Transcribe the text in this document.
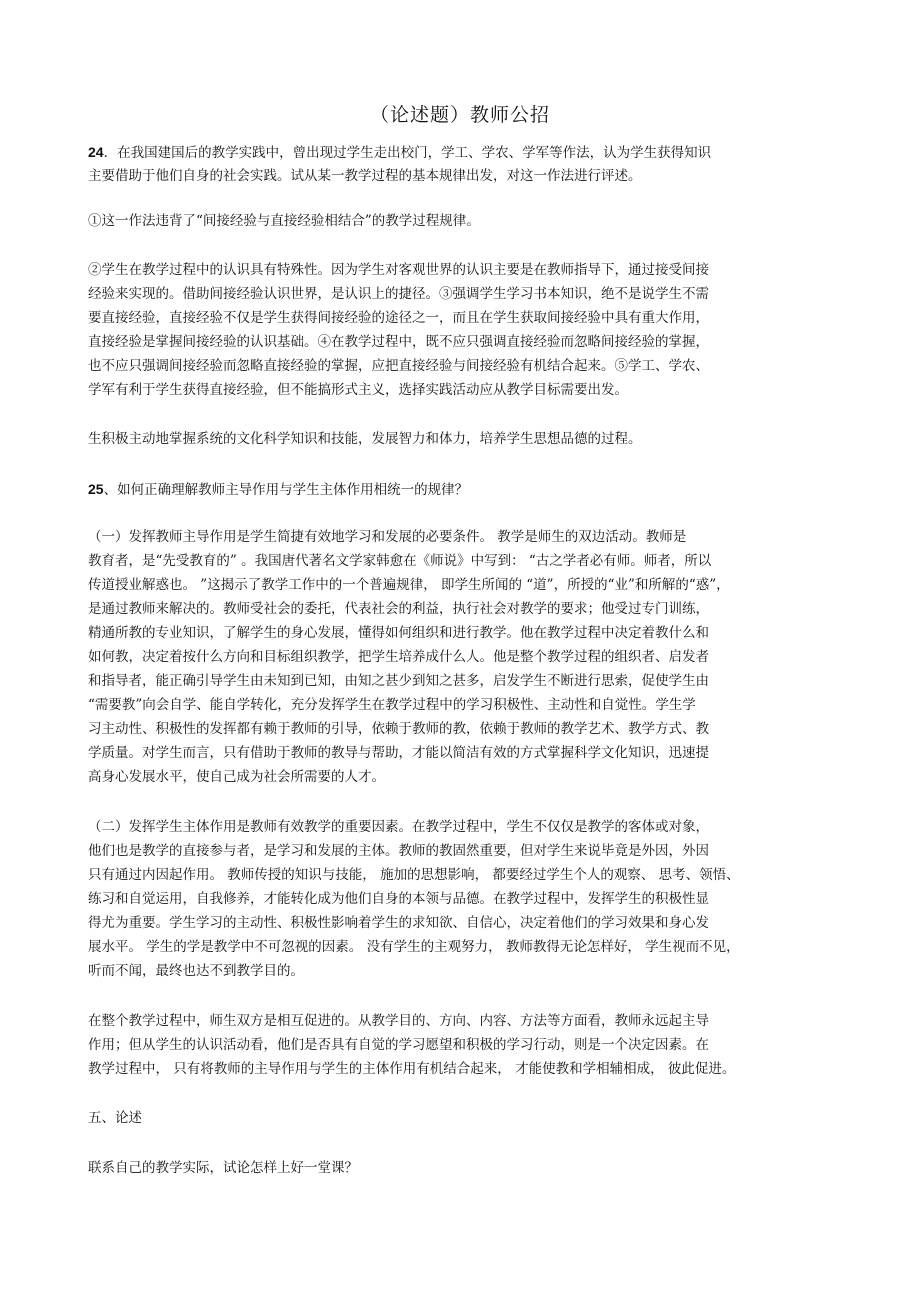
（论述题）教师公招
24．在我国建国后的教学实践中，曾出现过学生走出校门，学工、学农、学军等作法，认为学生获得知识
主要借助于他们自身的社会实践。试从某一教学过程的基本规律出发，对这一作法进行评述。
①这一作法违背了“间接经验与直接经验相结合”的教学过程规律。
②学生在教学过程中的认识具有特殊性。因为学生对客观世界的认识主要是在教师指导下，通过接受间接
经验来实现的。借助间接经验认识世界，是认识上的捷径。③强调学生学习书本知识，绝不是说学生不需
要直接经验，直接经验不仅是学生获得间接经验的途径之一，而且在学生获取间接经验中具有重大作用，
直接经验是掌握间接经验的认识基础。④在教学过程中，既不应只强调直接经验而忽略间接经验的掌握，
也不应只强调间接经验而忽略直接经验的掌握，应把直接经验与间接经验有机结合起来。⑤学工、学农、
学军有利于学生获得直接经验，但不能搞形式主义，选择实践活动应从教学目标需要出发。
生积极主动地掌握系统的文化科学知识和技能，发展智力和体力，培养学生思想品德的过程。
25、如何正确理解教师主导作用与学生主体作用相统一的规律？
（一）发挥教师主导作用是学生简捷有效地学习和发展的必要条件。 教学是师生的双边活动。教师是
教育者，是“先受教育的” 。我国唐代著名文学家韩愈在《师说》中写到： “古之学者必有师。师者，所以
传道授业解惑也。 ”这揭示了教学工作中的一个普遍规律， 即学生所闻的 “道”，所授的“业”和所解的“惑”，
是通过教师来解决的。教师受社会的委托，代表社会的利益，执行社会对教学的要求；他受过专门训练，
精通所教的专业知识，了解学生的身心发展，懂得如何组织和进行教学。他在教学过程中决定着教什么和
如何教，决定着按什么方向和目标组织教学，把学生培养成什么人。他是整个教学过程的组织者、启发者
和指导者，能正确引导学生由未知到已知，由知之甚少到知之甚多，启发学生不断进行思索，促使学生由
“需要教”向会自学、能自学转化，充分发挥学生在教学过程中的学习积极性、主动性和自觉性。学生学
习主动性、积极性的发挥都有赖于教师的引导，依赖于教师的教，依赖于教师的教学艺术、教学方式、教
学质量。对学生而言，只有借助于教师的教导与帮助，才能以简洁有效的方式掌握科学文化知识，迅速提
高身心发展水平，使自己成为社会所需要的人才。
（二）发挥学生主体作用是教师有效教学的重要因素。在教学过程中，学生不仅仅是教学的客体或对象，
他们也是教学的直接参与者，是学习和发展的主体。教师的教固然重要，但对学生来说毕竟是外因，外因
只有通过内因起作用。 教师传授的知识与技能， 施加的思想影响， 都要经过学生个人的观察、 思考、领悟、
练习和自觉运用，自我修养，才能转化成为他们自身的本领与品德。在教学过程中，发挥学生的积极性显
得尤为重要。学生学习的主动性、积极性影响着学生的求知欲、自信心，决定着他们的学习效果和身心发
展水平。 学生的学是教学中不可忽视的因素。 没有学生的主观努力， 教师教得无论怎样好， 学生视而不见，
听而不闻，最终也达不到教学目的。
在整个教学过程中，师生双方是相互促进的。从教学目的、方向、内容、方法等方面看，教师永远起主导
作用；但从学生的认识活动看，他们是否具有自觉的学习愿望和积极的学习行动，则是一个决定因素。在
教学过程中， 只有将教师的主导作用与学生的主体作用有机结合起来， 才能使教和学相辅相成， 彼此促进。
五、论述
联系自己的教学实际，试论怎样上好一堂课？
